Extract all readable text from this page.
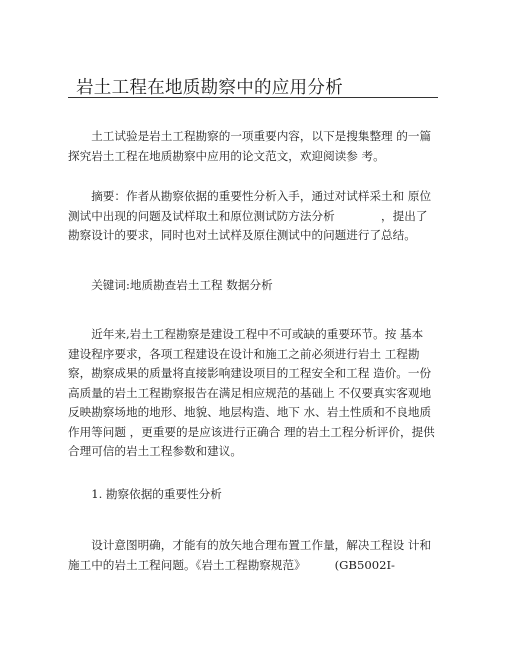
岩土工程在地质勘察中的应用分析
　　土工试验是岩土工程勘察的一项重要内容，以下是搜集整理 的一篇
探究岩土工程在地质勘察中应用的论文范文，欢迎阅读参 考。
　　摘要：作者从勘察依据的重要性分析入手，通过对试样采土和 原位
测试中出现的问题及试样取土和原位测试防方法分析　　　　，提出了
勘察设计的要求，同时也对土试样及原住测试中的问题进行了总结。
　　关键词:地质勘查岩土工程 数据分析
　　近年来,岩土工程勘察是建设工程中不可或缺的重要环节。按 基本
建设程序要求，各项工程建设在设计和施工之前必须进行岩土 工程勘
察，勘察成果的质量将直接影响建设项目的工程安全和工程 造价。一份
高质量的岩土工程勘察报告在满足相应规范的基础上 不仅要真实客观地
反映勘察场地的地形、地貌、地层构造、地下 水、岩土性质和不良地质
作用等问题 ，更重要的是应该进行正确合 理的岩土工程分析评价，提供
合理可信的岩土工程参数和建议。
　　1. 勘察依据的重要性分析
　　设计意图明确，才能有的放矢地合理布置工作量，解决工程设 计和
施工中的岩土工程问题。《岩土工程勘察规范》　　　(GB5002I-
